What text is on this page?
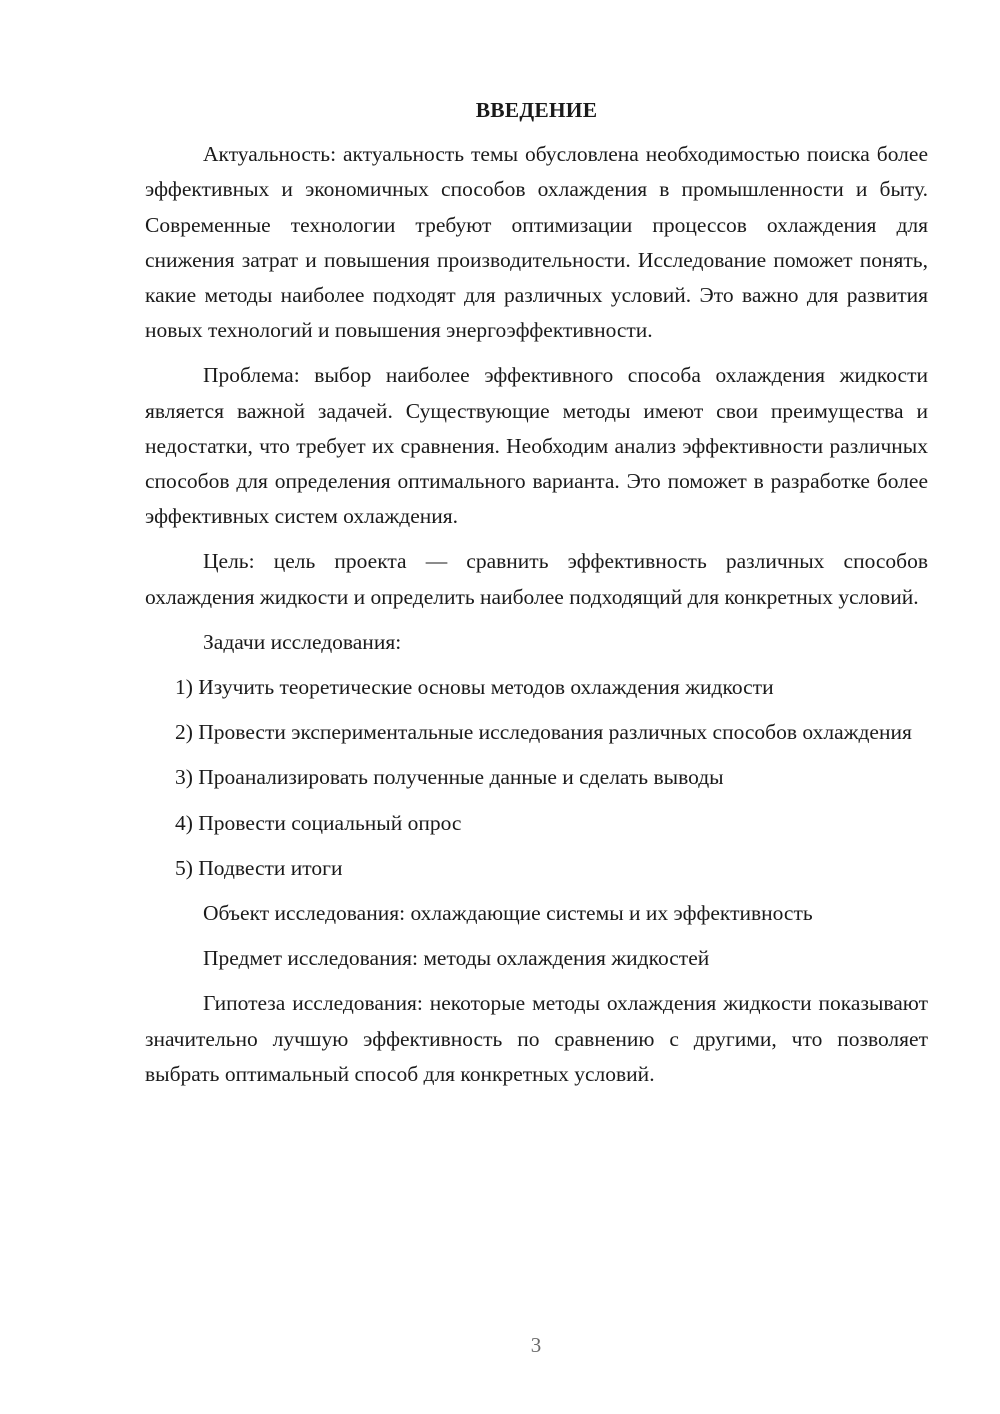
ВВЕДЕНИЕ

Актуальность: актуальность темы обусловлена необходимостью поиска более эффективных и экономичных способов охлаждения в промышленности и быту. Современные технологии требуют оптимизации процессов охлаждения для снижения затрат и повышения производительности. Исследование поможет понять, какие методы наиболее подходят для различных условий. Это важно для развития новых технологий и повышения энергоэффективности.

Проблема: выбор наиболее эффективного способа охлаждения жидкости является важной задачей. Существующие методы имеют свои преимущества и недостатки, что требует их сравнения. Необходим анализ эффективности различных способов для определения оптимального варианта. Это поможет в разработке более эффективных систем охлаждения.

Цель: цель проекта — сравнить эффективность различных способов охлаждения жидкости и определить наиболее подходящий для конкретных условий.

Задачи исследования:

1) Изучить теоретические основы методов охлаждения жидкости

2) Провести экспериментальные исследования различных способов охлаждения

3) Проанализировать полученные данные и сделать выводы

4) Провести социальный опрос

5) Подвести итоги

Объект исследования: охлаждающие системы и их эффективность

Предмет исследования: методы охлаждения жидкостей

Гипотеза исследования: некоторые методы охлаждения жидкости показывают значительно лучшую эффективность по сравнению с другими, что позволяет выбрать оптимальный способ для конкретных условий.

3
